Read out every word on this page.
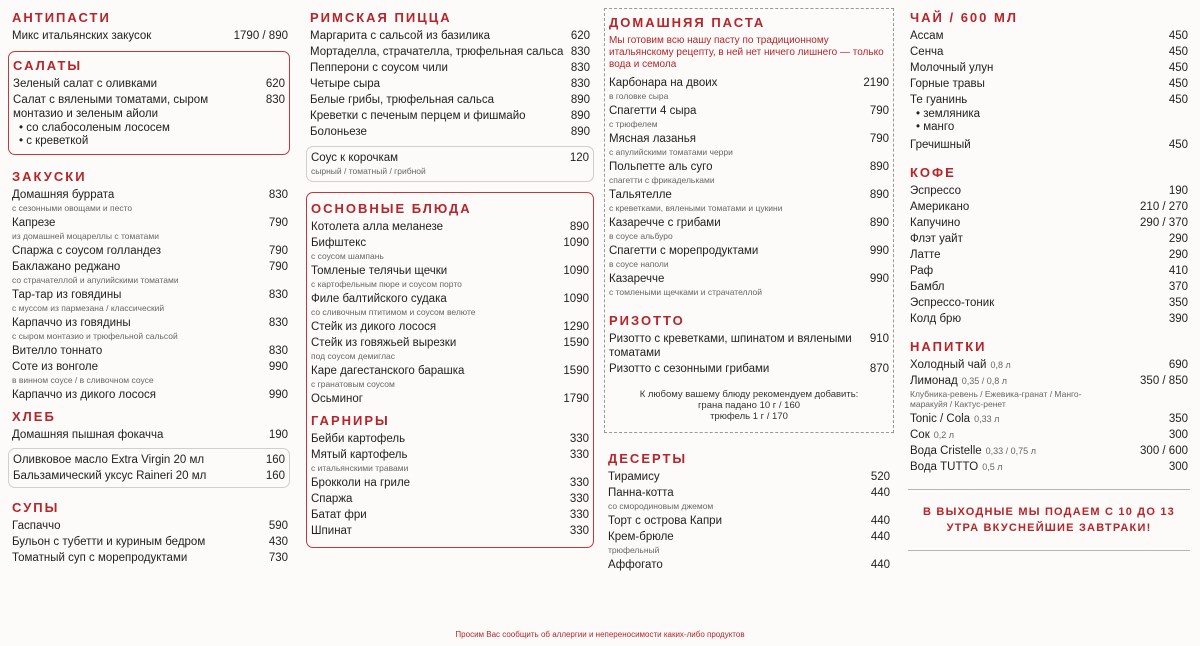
АНТИПАСТИ
Микс итальянских закусок	1790 / 890
САЛАТЫ
Зеленый салат с оливками	620
Салат с вялеными томатами, сыром монтазио и зеленым айоли
830
• со слабосоленым лососем
• с креветкой
ЗАКУСКИ
Домашняя буррата	830
с сезонными овощами и песто
Капрезе	790
из домашней моцареллы с томатами
Спаржа с соусом голландез	790
Баклажано реджано	790
со страчателлой и апулийскими томатами
Тар-тар из говядины	830
с муссом из пармезана / классический
Карпаччо из говядины	830
с сыром монтазио и трюфельной сальсой
Вителло тоннато	830
Соте из вонголе	990
в винном соусе / в сливочном соусе
Карпаччо из дикого лосося	990
ХЛЕБ
Домашняя пышная фокачча	190
Оливковое масло Extra Virgin 20 мл	160
Бальзамический уксус Raineri 20 мл	160
СУПЫ
Гаспаччо	590
Бульон с тубетти и куриным бедром	430
Томатный суп с морепродуктами	730
РИМСКАЯ ПИЦЦА
Маргарита с сальсой из базилика	620
Мортаделла, страчателла, трюфельная сальса 830
Пепперони с соусом чили	830
Четыре сыра	830
Белые грибы, трюфельная сальса	890
Креветки с печеным перцем и фишмайо	890
Болоньезе	890
Соус к корочкам	120
сырный / томатный / грибной
ОСНОВНЫЕ БЛЮДА
Котолета алла меланезе	890
Бифштекс	1090
с соусом шампань
Томленые телячьи щечки	1090
с картофельным пюре и соусом порто
Филе балтийского судака	1090
со сливочным птитимом и соусом велюте
Стейк из дикого лосося	1290
Стейк из говяжьей вырезки	1590
под соусом демиглас
Каре дагестанского барашка	1590
с гранатовым соусом
Осьминог	1790
ГАРНИРЫ
Бейби картофель	330
Мятый картофель	330
с итальянскими травами
Брокколи на гриле	330
Спаржа	330
Батат фри	330
Шпинат	330
ДОМАШНЯЯ ПАСТА
Мы готовим всю нашу пасту по традиционному итальянскому рецепту, в ней нет ничего лишнего — только вода и семола
Карбонара на двоих	2190
в головке сыра
Спагетти 4 сыра	790
с трюфелем
Мясная лазанья	790
с апулийскими томатами черри
Польпетте аль суго	890
спагетти с фрикадельками
Тальятелле	890
с креветками, вялеными томатами и цукини
Казаречче с грибами	890
в соусе альбуро
Спагетти с морепродуктами	990
в соусе наполи
Казаречче	990
с томлеными щечками и страчателлой
РИЗОТТО
Ризотто с креветками, шпинатом и вялеными томатами
910
Ризотто с сезонными грибами	870
К любому вашему блюду рекомендуем добавить:
грана падано 10 г / 160
трюфель 1 г / 170
ДЕСЕРТЫ
Тирамису	520
Панна-котта	440
со смородиновым джемом
Торт с острова Капри	440
Крем-брюле	440
трюфельный
Аффогато	440
ЧАЙ / 600 МЛ
Ассам	450
Сенча	450
Молочный улун	450
Горные травы	450
Те гуанинь	450
• земляника
• манго
Гречишный	450
КОФЕ
Эспрессо	190
Американо	210 / 270
Капучино	290 / 370
Флэт уайт	290
Латте	290
Раф	410
Бамбл	370
Эспрессо-тоник	350
Колд брю	390
НАПИТКИ
Холодный чай 0,8 л	690
Лимонад 0,35 / 0,8 л	350 / 850
Клубника-ревень / Ежевика-гранат / Манго-маракуйя / Кактус-ренет
Tonic / Cola 0,33 л	350
Сок 0,2 л	300
Вода Cristelle 0,33 / 0,75 л	300 / 600
Вода TUTTO 0,5 л	300
В ВЫХОДНЫЕ МЫ ПОДАЕМ С 10 ДО 13 УТРА ВКУСНЕЙШИЕ ЗАВТРАКИ!
Просим Вас сообщить об аллергии и непереносимости каких-либо продуктов
